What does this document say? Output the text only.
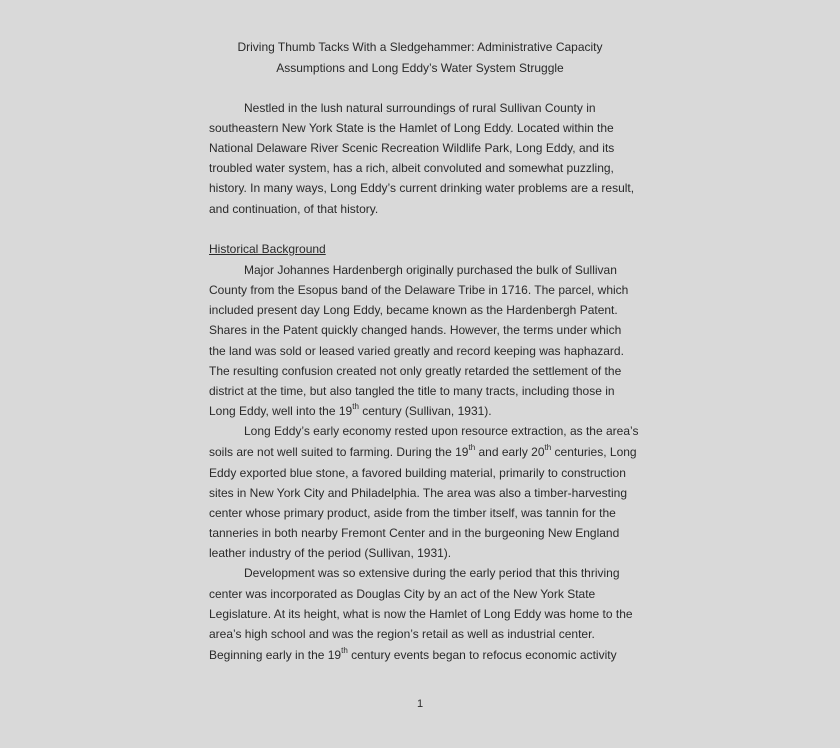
Driving Thumb Tacks With a Sledgehammer: Administrative Capacity
Assumptions and Long Eddy’s Water System Struggle
Nestled in the lush natural surroundings of rural Sullivan County in
southeastern New York State is the Hamlet of Long Eddy. Located within the
National Delaware River Scenic Recreation Wildlife Park, Long Eddy, and its
troubled water system, has a rich, albeit convoluted and somewhat puzzling,
history. In many ways, Long Eddy’s current drinking water problems are a result,
and continuation, of that history.
Historical Background
Major Johannes Hardenbergh originally purchased the bulk of Sullivan
County from the Esopus band of the Delaware Tribe in 1716. The parcel, which
included present day Long Eddy, became known as the Hardenbergh Patent.
Shares in the Patent quickly changed hands. However, the terms under which
the land was sold or leased varied greatly and record keeping was haphazard.
The resulting confusion created not only greatly retarded the settlement of the
district at the time, but also tangled the title to many tracts, including those in
Long Eddy, well into the 19th century (Sullivan, 1931).
Long Eddy’s early economy rested upon resource extraction, as the area’s
soils are not well suited to farming. During the 19th and early 20th centuries, Long
Eddy exported blue stone, a favored building material, primarily to construction
sites in New York City and Philadelphia. The area was also a timber-harvesting
center whose primary product, aside from the timber itself, was tannin for the
tanneries in both nearby Fremont Center and in the burgeoning New England
leather industry of the period (Sullivan, 1931).
Development was so extensive during the early period that this thriving
center was incorporated as Douglas City by an act of the New York State
Legislature. At its height, what is now the Hamlet of Long Eddy was home to the
area’s high school and was the region’s retail as well as industrial center.
Beginning early in the 19th century events began to refocus economic activity
1
